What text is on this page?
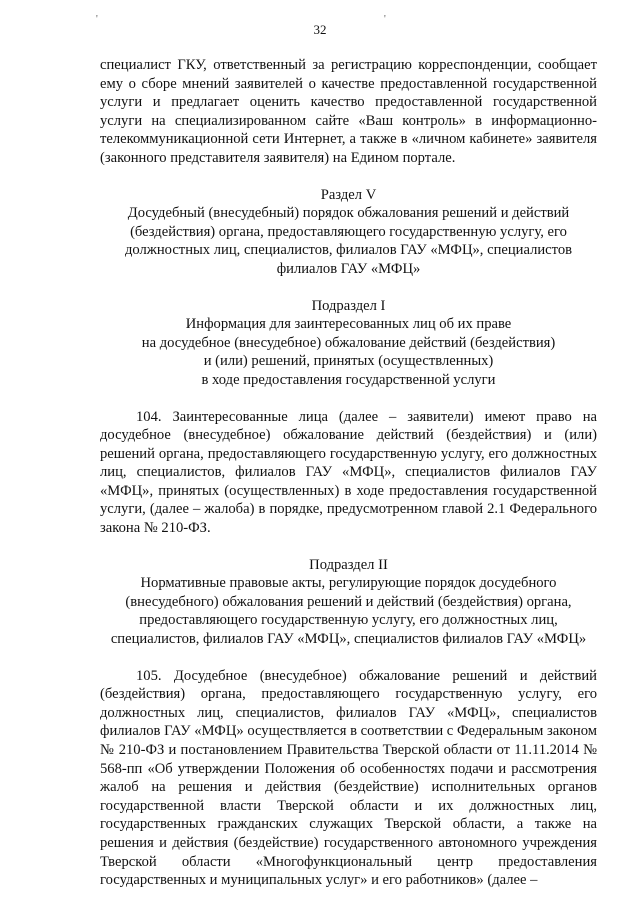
'	'
32

специалист ГКУ, ответственный за регистрацию корреспонденции, сообщает ему о сборе мнений заявителей о качестве предоставленной государственной услуги и предлагает оценить качество предоставленной государственной услуги на специализированном сайте «Ваш контроль» в информационно-телекоммуникационной сети Интернет, а также в «личном кабинете» заявителя (законного представителя заявителя) на Едином портале.

Раздел V
Досудебный (внесудебный) порядок обжалования решений и действий
(бездействия) органа, предоставляющего государственную услугу, его
должностных лиц, специалистов, филиалов ГАУ «МФЦ», специалистов
филиалов ГАУ «МФЦ»
Подраздел I
Информация для заинтересованных лиц об их праве
на досудебное (внесудебное) обжалование действий (бездействия)
и (или) решений, принятых (осуществленных)
в ходе предоставления государственной услуги

104. Заинтересованные лица (далее – заявители) имеют право на досудебное (внесудебное) обжалование действий (бездействия) и (или) решений органа, предоставляющего государственную услугу, его должностных лиц, специалистов, филиалов ГАУ «МФЦ», специалистов филиалов ГАУ «МФЦ», принятых (осуществленных) в ходе предоставления государственной услуги, (далее – жалоба) в порядке, предусмотренном главой 2.1 Федерального закона № 210-ФЗ.

Подраздел II
Нормативные правовые акты, регулирующие порядок досудебного
(внесудебного) обжалования решений и действий (бездействия) органа,
предоставляющего государственную услугу, его должностных лиц,
специалистов, филиалов ГАУ «МФЦ», специалистов филиалов ГАУ «МФЦ»

105. Досудебное (внесудебное) обжалование решений и действий (бездействия) органа, предоставляющего государственную услугу, его должностных лиц, специалистов, филиалов ГАУ «МФЦ», специалистов филиалов ГАУ «МФЦ» осуществляется в соответствии с Федеральным законом № 210-ФЗ и постановлением Правительства Тверской области от 11.11.2014 № 568-пп «Об утверждении Положения об особенностях подачи и рассмотрения жалоб на решения и действия (бездействие) исполнительных органов государственной власти Тверской области и их должностных лиц, государственных гражданских служащих Тверской области, а также на решения и действия (бездействие) государственного автономного учреждения Тверской области «Многофункциональный центр предоставления государственных и муниципальных услуг» и его работников» (далее –
